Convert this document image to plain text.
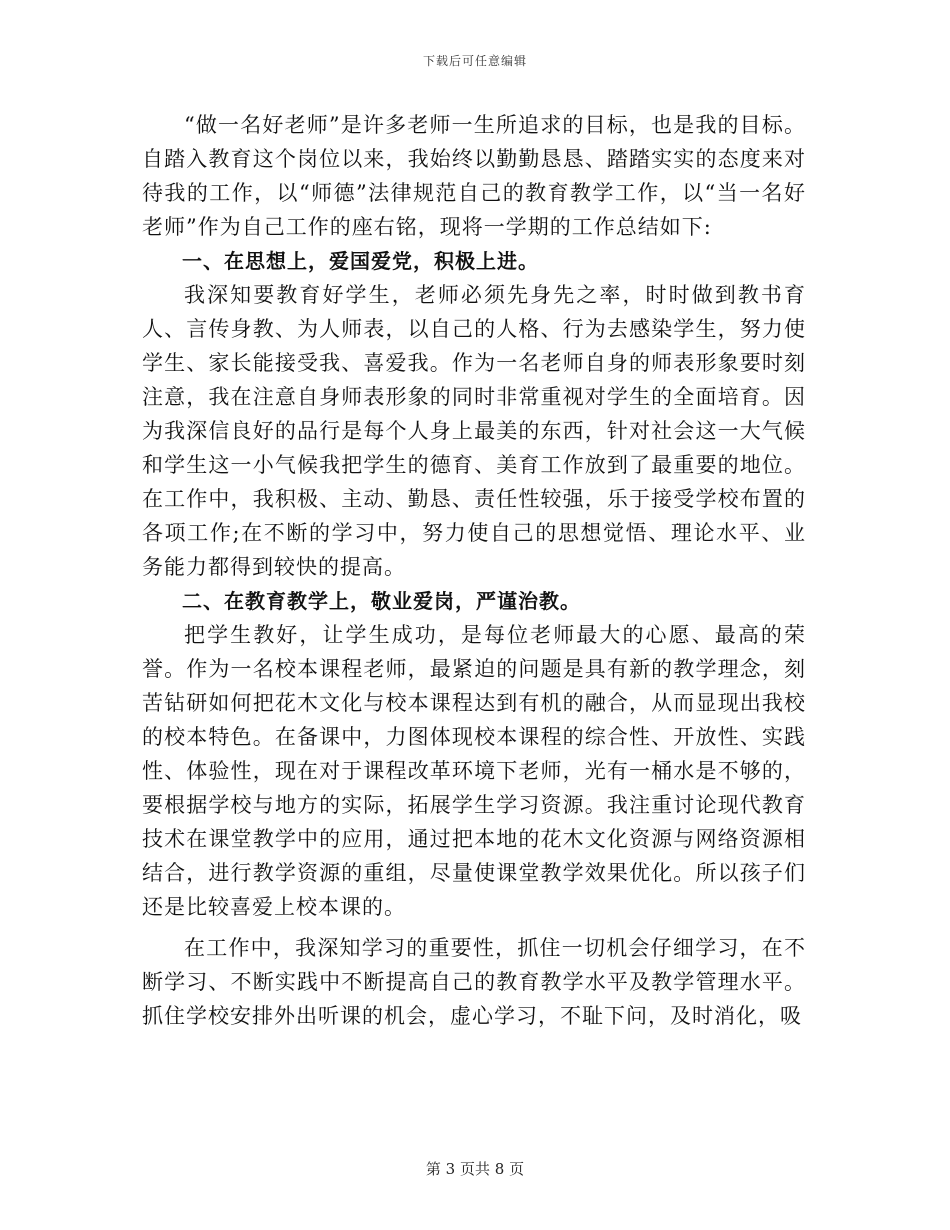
下载后可任意编辑

“做一名好老师”是许多老师一生所追求的目标，也是我的目标。自踏入教育这个岗位以来，我始终以勤勤恳恳、踏踏实实的态度来对待我的工作，以“师德”法律规范自己的教育教学工作，以“当一名好老师”作为自己工作的座右铭，现将一学期的工作总结如下:

一、在思想上，爱国爱党，积极上进。

我深知要教育好学生，老师必须先身先之率，时时做到教书育人、言传身教、为人师表，以自己的人格、行为去感染学生，努力使学生、家长能接受我、喜爱我。作为一名老师自身的师表形象要时刻注意，我在注意自身师表形象的同时非常重视对学生的全面培育。因为我深信良好的品行是每个人身上最美的东西，针对社会这一大气候和学生这一小气候我把学生的德育、美育工作放到了最重要的地位。在工作中，我积极、主动、勤恳、责任性较强，乐于接受学校布置的各项工作;在不断的学习中，努力使自己的思想觉悟、理论水平、业务能力都得到较快的提高。

二、在教育教学上，敬业爱岗，严谨治教。

把学生教好，让学生成功，是每位老师最大的心愿、最高的荣誉。作为一名校本课程老师，最紧迫的问题是具有新的教学理念，刻苦钻研如何把花木文化与校本课程达到有机的融合，从而显现出我校的校本特色。在备课中，力图体现校本课程的综合性、开放性、实践性、体验性，现在对于课程改革环境下老师，光有一桶水是不够的，要根据学校与地方的实际，拓展学生学习资源。我注重讨论现代教育技术在课堂教学中的应用，通过把本地的花木文化资源与网络资源相结合，进行教学资源的重组，尽量使课堂教学效果优化。所以孩子们还是比较喜爱上校本课的。

在工作中，我深知学习的重要性，抓住一切机会仔细学习，在不断学习、不断实践中不断提高自己的教育教学水平及教学管理水平。抓住学校安排外出听课的机会，虚心学习，不耻下问，及时消化，吸

第 3 页共 8 页
